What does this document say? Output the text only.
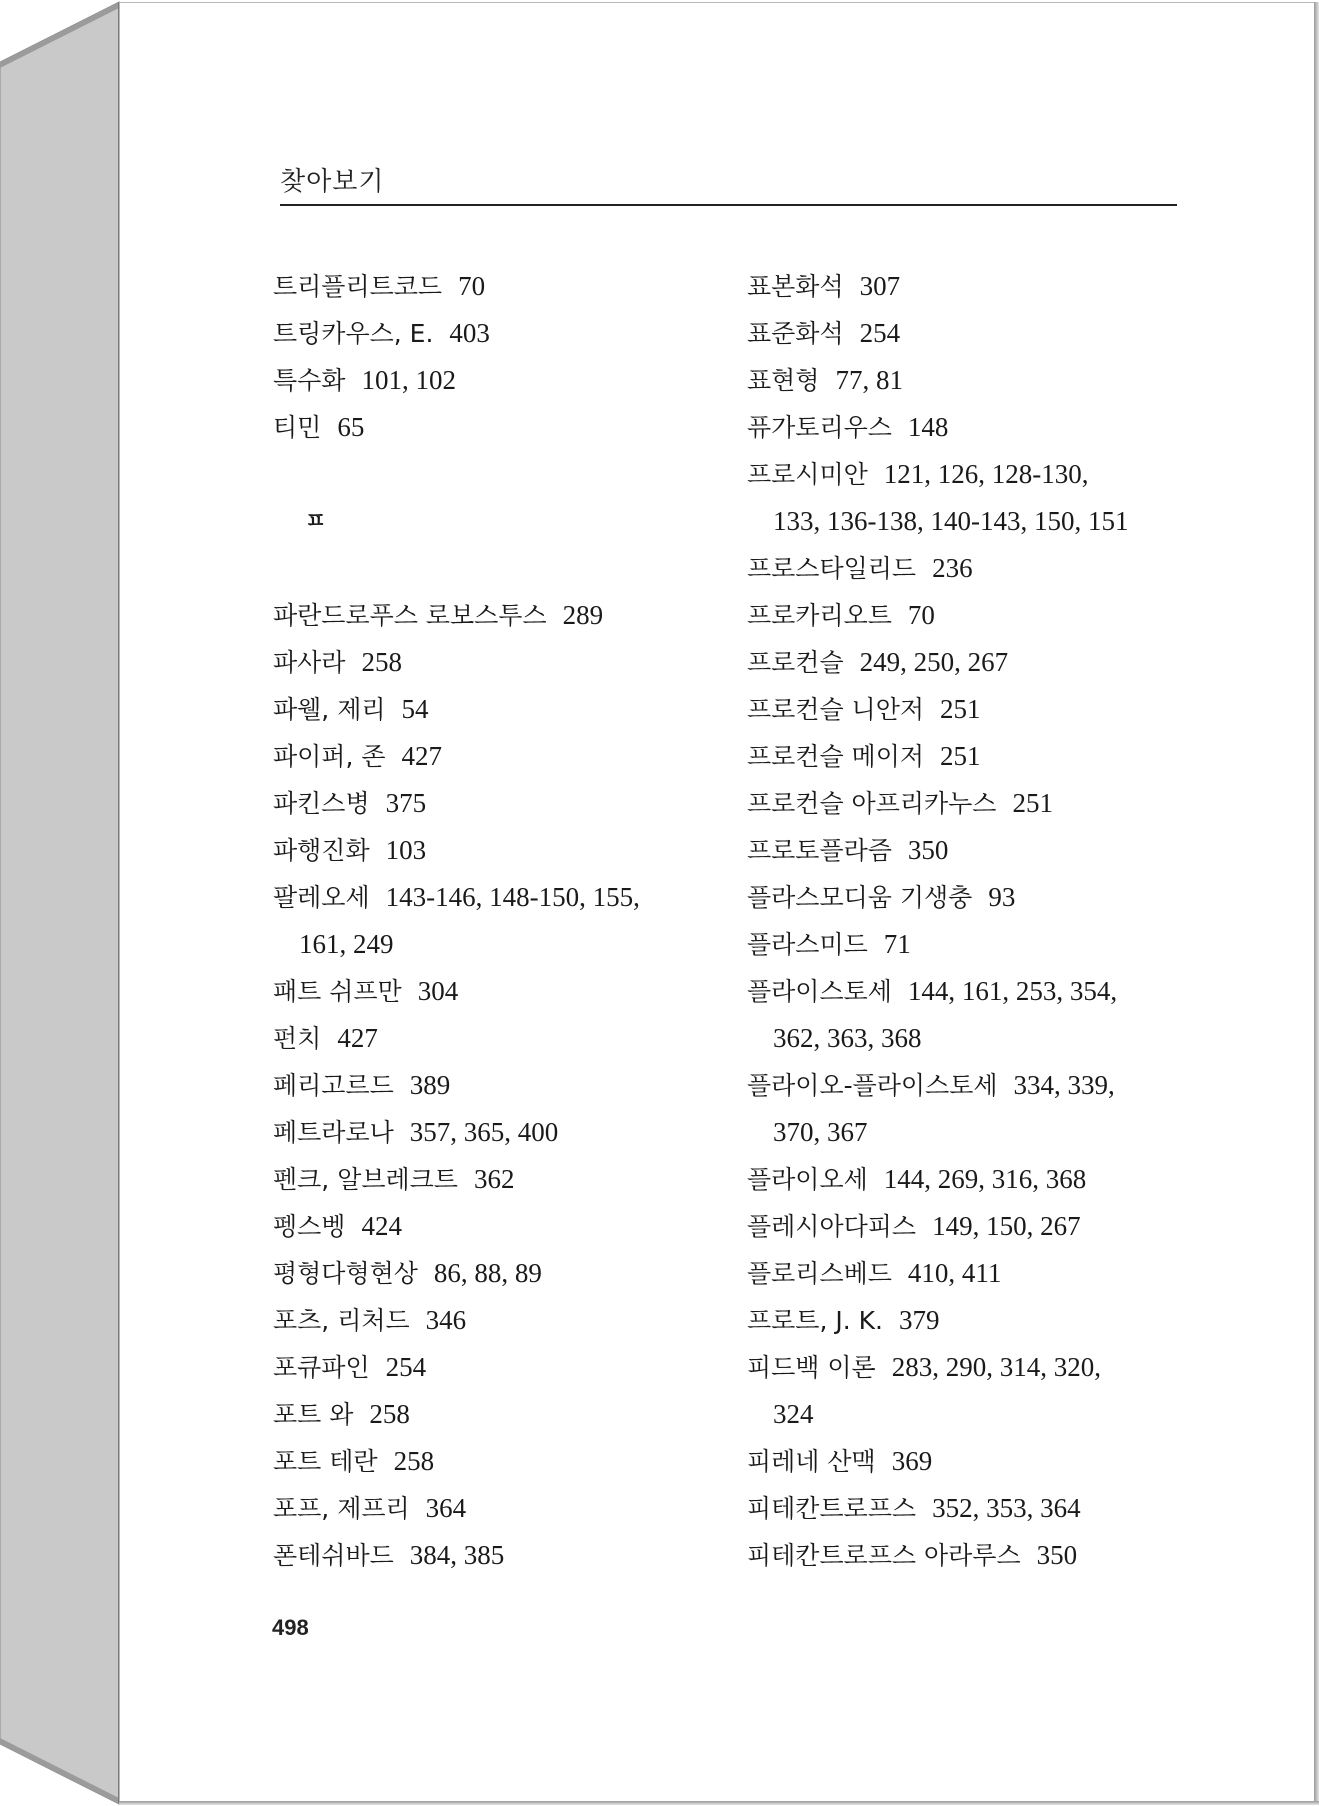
찾아보기
트리플리트코드 70
트링카우스, E. 403
특수화 101, 102
티민 65
ㅍ
파란드로푸스 로보스투스 289
파사라 258
파웰, 제리 54
파이퍼, 존 427
파킨스병 375
파행진화 103
팔레오세 143-146, 148-150, 155,
161, 249
패트 쉬프만 304
펀치 427
페리고르드 389
페트라로나 357, 365, 400
펜크, 알브레크트 362
펭스벵 424
평형다형현상 86, 88, 89
포츠, 리처드 346
포큐파인 254
포트 와 258
포트 테란 258
포프, 제프리 364
폰테쉬바드 384, 385
표본화석 307
표준화석 254
표현형 77, 81
퓨가토리우스 148
프로시미안 121, 126, 128-130,
133, 136-138, 140-143, 150, 151
프로스타일리드 236
프로카리오트 70
프로컨슬 249, 250, 267
프로컨슬 니안저 251
프로컨슬 메이저 251
프로컨슬 아프리카누스 251
프로토플라즘 350
플라스모디움 기생충 93
플라스미드 71
플라이스토세 144, 161, 253, 354,
362, 363, 368
플라이오-플라이스토세 334, 339,
370, 367
플라이오세 144, 269, 316, 368
플레시아다피스 149, 150, 267
플로리스베드 410, 411
프로트, J. K. 379
피드백 이론 283, 290, 314, 320,
324
피레네 산맥 369
피테칸트로프스 352, 353, 364
피테칸트로프스 아라루스 350
498
